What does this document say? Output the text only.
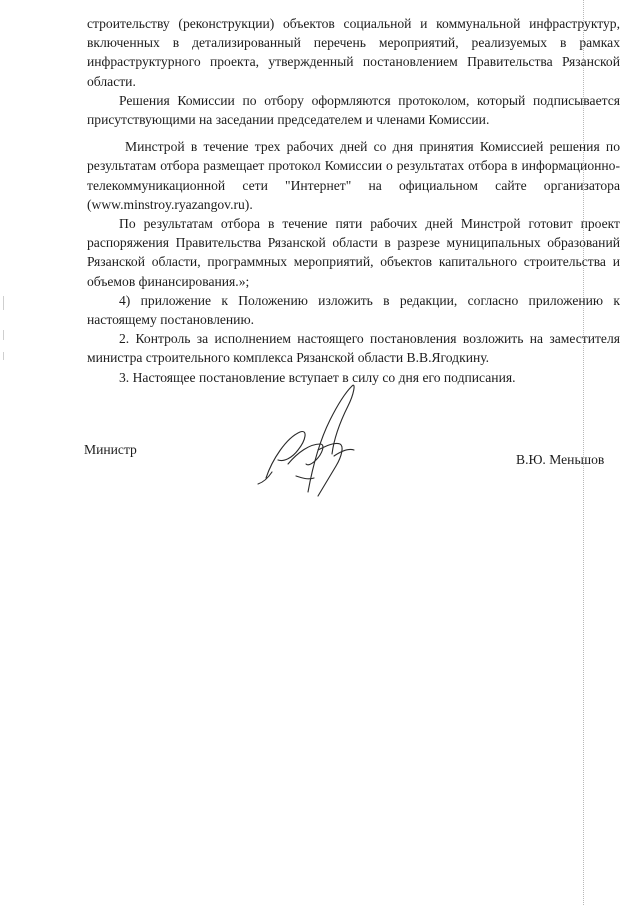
строительству (реконструкции) объектов социальной и коммунальной инфраструктур, включенных в детализированный перечень мероприятий, реализуемых в рамках инфраструктурного проекта, утвержденный постановлением Правительства Рязанской области.

Решения Комиссии по отбору оформляются протоколом, который подписывается присутствующими на заседании председателем и членами Комиссии.

Минстрой в течение трех рабочих дней со дня принятия Комиссией решения по результатам отбора размещает протокол Комиссии о результатах отбора в информационно-телекоммуникационной сети "Интернет" на официальном сайте организатора (www.minstroy.ryazangov.ru).

По результатам отбора в течение пяти рабочих дней Минстрой готовит проект распоряжения Правительства Рязанской области в разрезе муниципальных образований Рязанской области, программных мероприятий, объектов капитального строительства и объемов финансирования.»;

4) приложение к Положению изложить в редакции, согласно приложению к настоящему постановлению.

2. Контроль за исполнением настоящего постановления возложить на заместителя министра строительного комплекса Рязанской области В.В.Ягодкину.

3. Настоящее постановление вступает в силу со дня его подписания.

Министр
В.Ю. Меньшов
